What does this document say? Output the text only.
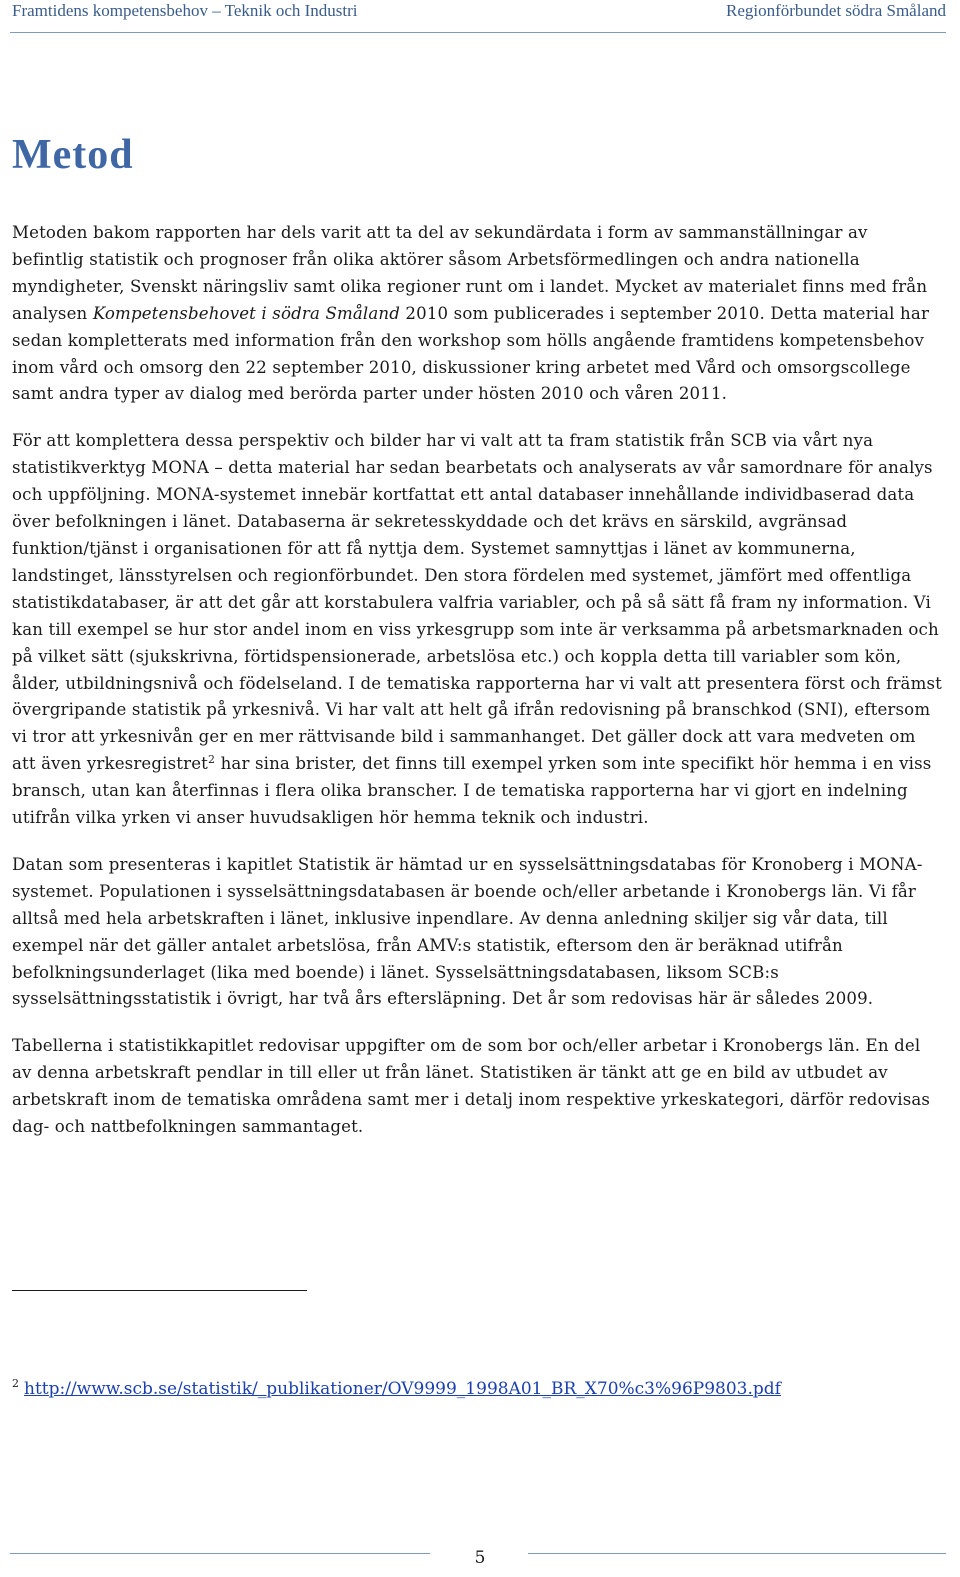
Framtidens kompetensbehov – Teknik och Industri	Regionförbundet södra Småland
Metod

Metoden bakom rapporten har dels varit att ta del av sekundärdata i form av sammanställningar av befintlig statistik och prognoser från olika aktörer såsom Arbetsförmedlingen och andra nationella myndigheter, Svenskt näringsliv samt olika regioner runt om i landet. Mycket av materialet finns med från analysen Kompetensbehovet i södra Småland 2010 som publicerades i september 2010. Detta material har sedan kompletterats med information från den workshop som hölls angående framtidens kompetensbehov inom vård och omsorg den 22 september 2010, diskussioner kring arbetet med Vård och omsorgscollege samt andra typer av dialog med berörda parter under hösten 2010 och våren 2011.

För att komplettera dessa perspektiv och bilder har vi valt att ta fram statistik från SCB via vårt nya statistikverktyg MONA – detta material har sedan bearbetats och analyserats av vår samordnare för analys och uppföljning. MONA-systemet innebär kortfattat ett antal databaser innehållande individbaserad data över befolkningen i länet. Databaserna är sekretesskyddade och det krävs en särskild, avgränsad funktion/tjänst i organisationen för att få nyttja dem. Systemet samnyttjas i länet av kommunerna, landstinget, länsstyrelsen och regionförbundet. Den stora fördelen med systemet, jämfört med offentliga statistikdatabaser, är att det går att korstabulera valfria variabler, och på så sätt få fram ny information. Vi kan till exempel se hur stor andel inom en viss yrkesgrupp som inte är verksamma på arbetsmarknaden och på vilket sätt (sjukskrivna, förtidspensionerade, arbetslösa etc.) och koppla detta till variabler som kön, ålder, utbildningsnivå och födelseland. I de tematiska rapporterna har vi valt att presentera först och främst övergripande statistik på yrkesnivå. Vi har valt att helt gå ifrån redovisning på branschkod (SNI), eftersom vi tror att yrkesnivån ger en mer rättvisande bild i sammanhanget. Det gäller dock att vara medveten om att även yrkesregistret$^2$ har sina brister, det finns till exempel yrken som inte specifikt hör hemma i en viss bransch, utan kan återfinnas i flera olika branscher. I de tematiska rapporterna har vi gjort en indelning utifrån vilka yrken vi anser huvudsakligen hör hemma teknik och industri.

Datan som presenteras i kapitlet Statistik är hämtad ur en sysselsättningsdatabas för Kronoberg i MONA-systemet. Populationen i sysselsättningsdatabasen är boende och/eller arbetande i Kronobergs län. Vi får alltså med hela arbetskraften i länet, inklusive inpendlare. Av denna anledning skiljer sig vår data, till exempel när det gäller antalet arbetslösa, från AMV:s statistik, eftersom den är beräknad utifrån befolkningsunderlaget (lika med boende) i länet. Sysselsättningsdatabasen, liksom SCB:s sysselsättningsstatistik i övrigt, har två års eftersläpning. Det år som redovisas här är således 2009.

Tabellerna i statistikkapitlet redovisar uppgifter om de som bor och/eller arbetar i Kronobergs län. En del av denna arbetskraft pendlar in till eller ut från länet. Statistiken är tänkt att ge en bild av utbudet av arbetskraft inom de tematiska områdena samt mer i detalj inom respektive yrkeskategori, därför redovisas dag- och nattbefolkningen sammantaget.

$^2$ http://www.scb.se/statistik/_publikationer/OV9999_1998A01_BR_X70%c3%96P9803.pdf
5
